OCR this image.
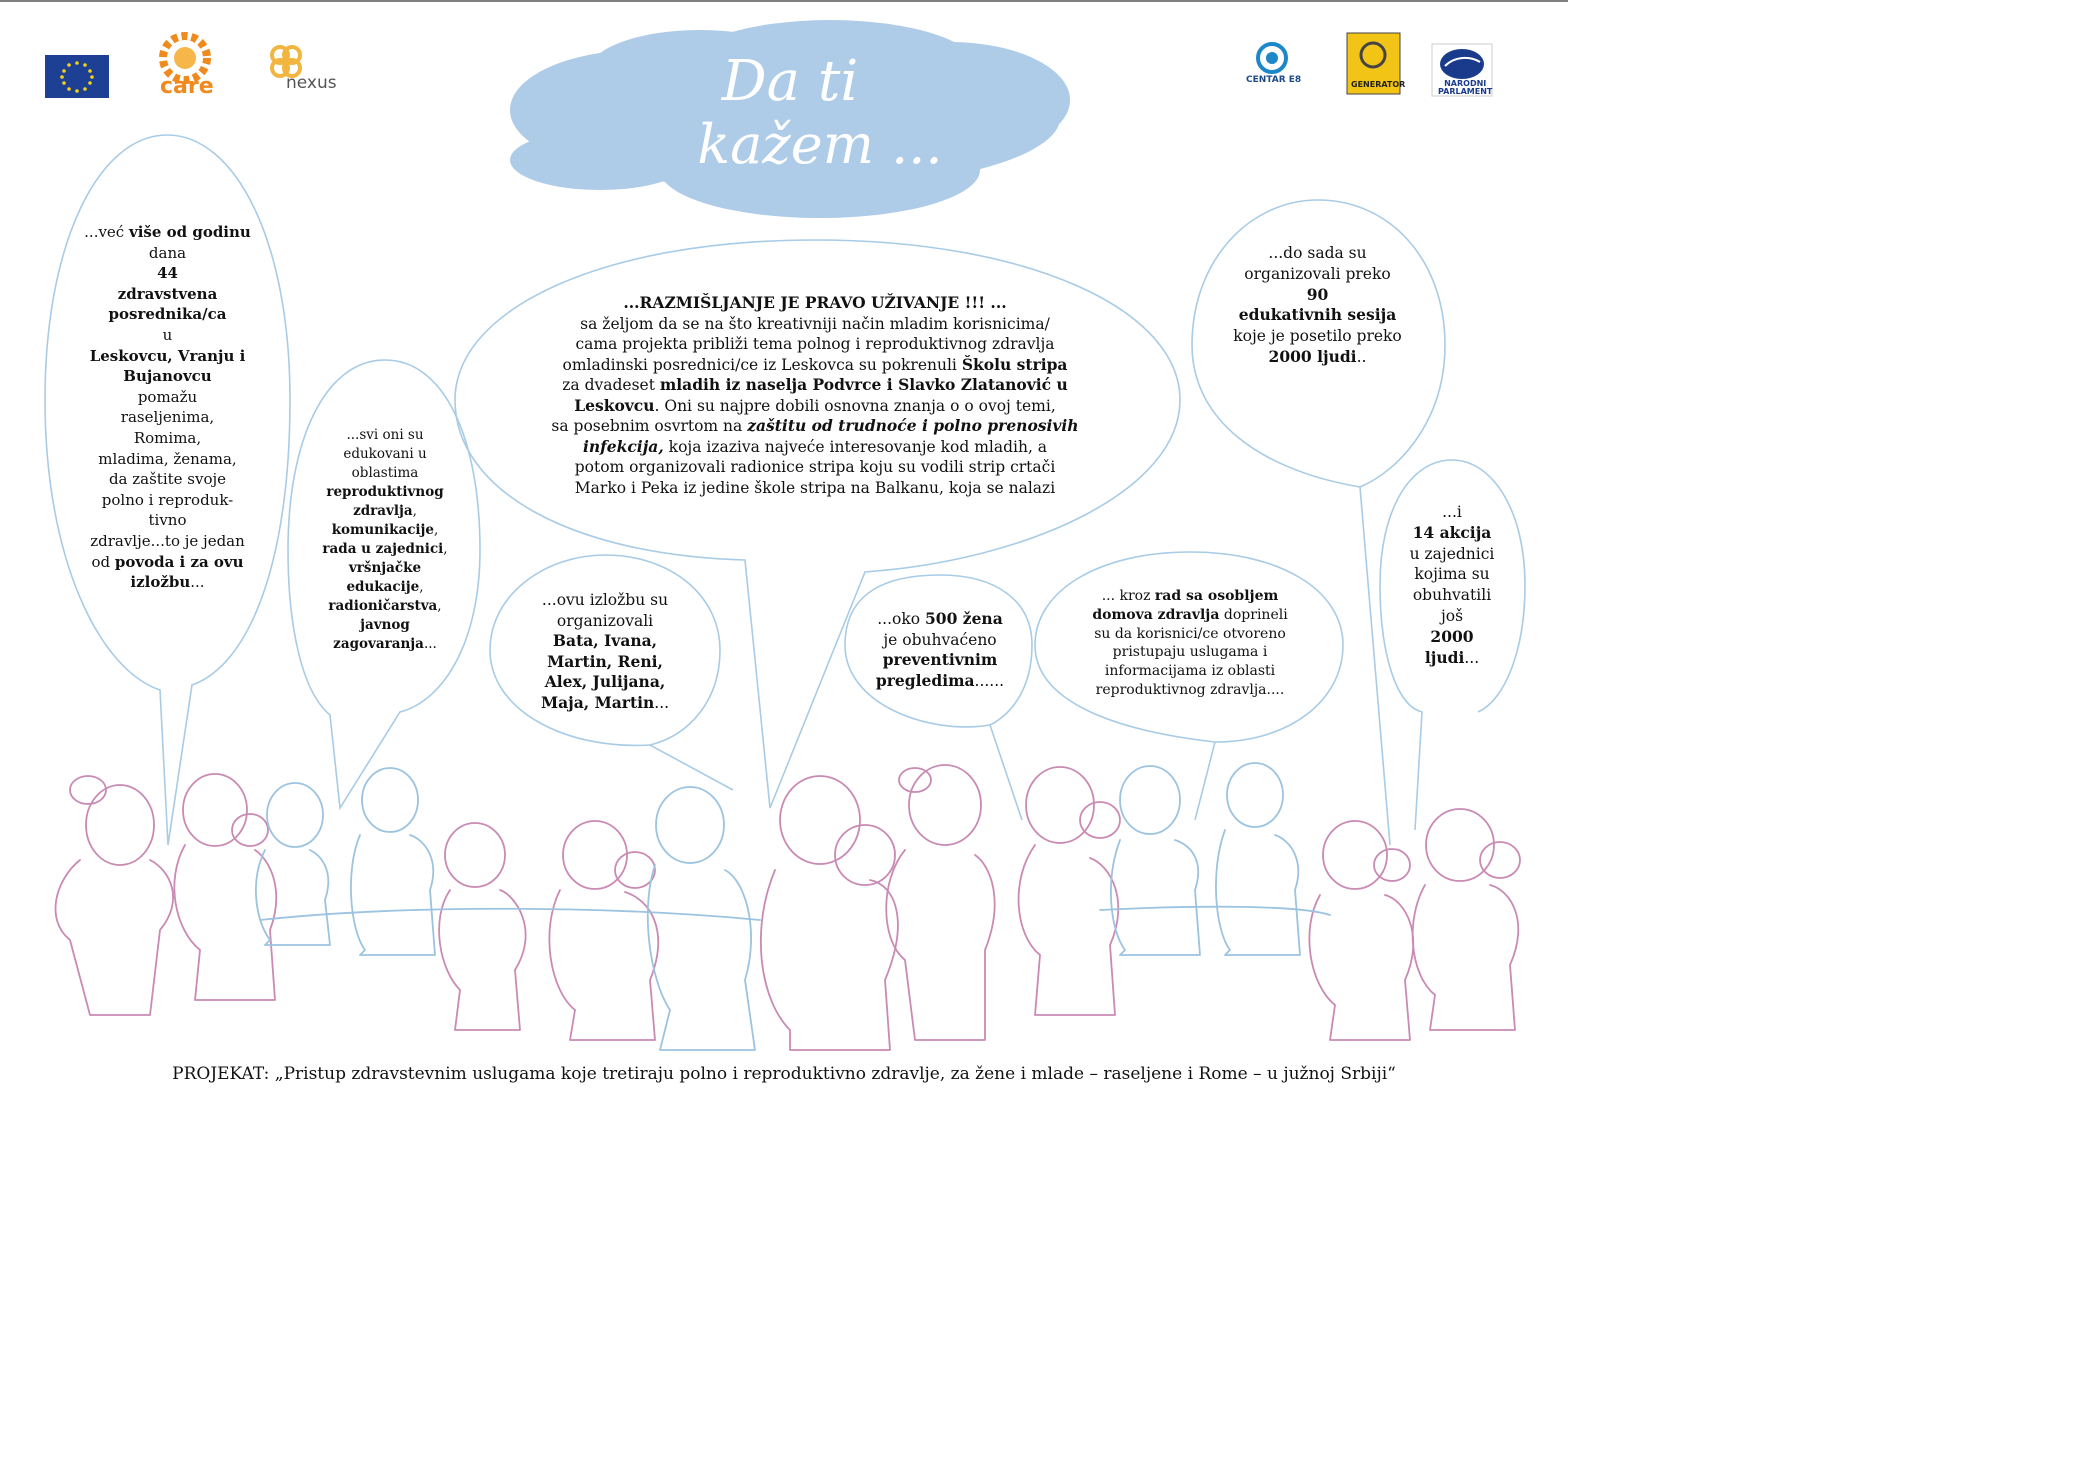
care	nexus	CENTAR E8	GENERATOR	NARODNI
PARLAMENT
Da ti
kažem ...
...već više od godinu
dana
44
zdravstvena
posrednika/ca
u
Leskovcu, Vranju i
Bujanovcu
pomažu
raseljenima,
Romima,
mladima, ženama,
da zaštite svoje
polno i reproduk-
tivno
zdravlje...to je jedan
od povoda i za ovu
izložbu...
...svi oni su
edukovani u
oblastima
reproduktivnog
zdravlja,
komunikacije,
rada u zajednici,
vršnjačke
edukacije,
radioničarstva,
javnog
zagovaranja...
...RAZMIŠLJANJE JE PRAVO UŽIVANJE !!! ...
sa željom da se na što kreativniji način mladim korisnicima/
cama projekta približi tema polnog i reproduktivnog zdravlja
omladinski posrednici/ce iz Leskovca su pokrenuli Školu stripa
za dvadeset mladih iz naselja Podvrce i Slavko Zlatanović u
Leskovcu. Oni su najpre dobili osnovna znanja o o ovoj temi,
sa posebnim osvrtom na zaštitu od trudnoće i polno prenosivih
infekcija, koja izaziva najveće interesovanje kod mladih, a
potom organizovali radionice stripa koju su vodili strip crtači
Marko i Peka iz jedine škole stripa na Balkanu, koja se nalazi
...ovu izložbu su
organizovali
Bata, Ivana,
Martin, Reni,
Alex, Julijana,
Maja, Martin...
...oko 500 žena
je obuhvaćeno
preventivnim
pregledima......
... kroz rad sa osobljem
domova zdravlja doprineli
su da korisnici/ce otvoreno
pristupaju uslugama i
informacijama iz oblasti
reproduktivnog zdravlja....
...do sada su
organizovali preko
90
edukativnih sesija
koje je posetilo preko
2000 ljudi..
...i
14 akcija
u zajednici
kojima su
obuhvatili
još
2000
ljudi...
PROJEKAT: „Pristup zdravstevnim uslugama koje tretiraju polno i reproduktivno zdravlje, za žene i mlade – raseljene i Rome – u južnoj Srbiji“
